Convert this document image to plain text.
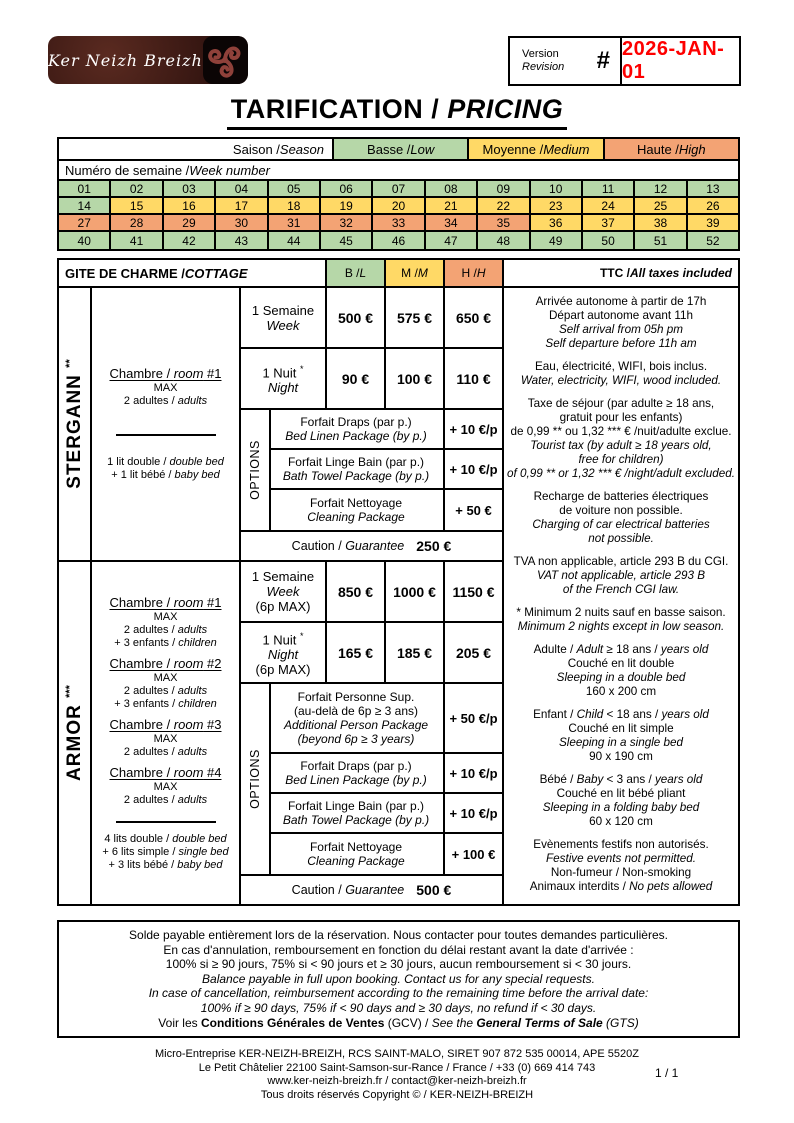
Ker Neizh Breizh	Version
Revision # 2026-JAN-01
TARIFICATION / PRICING
Saison / Season	Basse / Low	Moyenne / Medium	Haute / High
Numéro de semaine / Week number
01	02	03	04	05	06	07	08	09	10	11	12	13
14	15	16	17	18	19	20	21	22	23	24	25	26
27	28	29	30	31	32	33	34	35	36	37	38	39
40	41	42	43	44	45	46	47	48	49	50	51	52
GITE DE CHARME / COTTAGE	B / L	M / M	H / H	TTC / All taxes included
STERGANN **
Chambre / room #1
MAX
2 adultes / adults
1 lit double / double bed
+ 1 lit bébé / baby bed
1 Semaine
Week	500 €	575 €	650 €
1 Nuit *
Night
90 €	100 €	110 €
OPTIONS
Forfait Draps (par p.)
Bed Linen Package (by p.)	+ 10 €/p
Forfait Linge Bain (par p.)
Bath Towel Package (by p.)	+ 10 €/p
Forfait Nettoyage
Cleaning Package	+ 50 €
Caution / Guarantee 250 €
ARMOR ***
Chambre / room #1
MAX
2 adultes / adults
+ 3 enfants / children
Chambre / room #2
MAX
2 adultes / adults
+ 3 enfants / children
Chambre / room #3
MAX
2 adultes / adults
Chambre / room #4
MAX
2 adultes / adults
4 lits double / double bed
+ 6 lits simple / single bed
+ 3 lits bébé / baby bed
1 Semaine
Week
(6p MAX)
850 €	1000 €	1150 €
1 Nuit *
Night
(6p MAX)
165 €	185 €	205 €
OPTIONS
Forfait Personne Sup.
(au-delà de 6p ≥ 3 ans)
Additional Person Package
(beyond 6p ≥ 3 years)
+ 50 €/p
Forfait Draps (par p.)
Bed Linen Package (by p.)	+ 10 €/p
Forfait Linge Bain (par p.)
Bath Towel Package (by p.)	+ 10 €/p
Forfait Nettoyage
Cleaning Package	+ 100 €
Caution / Guarantee 500 €
Arrivée autonome à partir de 17h
Départ autonome avant 11h
Self arrival from 05h pm
Self departure before 11h am
Eau, électricité, WIFI, bois inclus.
Water, electricity, WIFI, wood included.
Taxe de séjour (par adulte ≥ 18 ans,
gratuit pour les enfants)
de 0,99 ** ou 1,32 *** € /nuit/adulte exclue.
Tourist tax (by adult ≥ 18 years old,
free for children)
of 0,99 ** or 1,32 *** € /night/adult excluded.
Recharge de batteries électriques
de voiture non possible.
Charging of car electrical batteries
not possible.
TVA non applicable, article 293 B du CGI.
VAT not applicable, article 293 B
of the French CGI law.
* Minimum 2 nuits sauf en basse saison.
Minimum 2 nights except in low season.
Adulte / Adult ≥ 18 ans / years old
Couché en lit double
Sleeping in a double bed
160 x 200 cm
Enfant / Child < 18 ans / years old
Couché en lit simple
Sleeping in a single bed
90 x 190 cm
Bébé / Baby < 3 ans / years old
Couché en lit bébé pliant
Sleeping in a folding baby bed
60 x 120 cm
Evènements festifs non autorisés.
Festive events not permitted.
Non-fumeur / Non-smoking
Animaux interdits / No pets allowed
Solde payable entièrement lors de la réservation. Nous contacter pour toutes demandes particulières.
En cas d'annulation, remboursement en fonction du délai restant avant la date d'arrivée :
100% si ≥ 90 jours, 75% si < 90 jours et ≥ 30 jours, aucun remboursement si < 30 jours.
Balance payable in full upon booking. Contact us for any special requests.
In case of cancellation, reimbursement according to the remaining time before the arrival date:
100% if ≥ 90 days, 75% if < 90 days and ≥ 30 days, no refund if < 30 days.
Voir les Conditions Générales de Ventes (GCV) / See the General Terms of Sale (GTS)
Micro-Entreprise KER-NEIZH-BREIZH, RCS SAINT-MALO, SIRET 907 872 535 00014, APE 5520Z
Le Petit Châtelier 22100 Saint-Samson-sur-Rance / France / +33 (0) 669 414 743
www.ker-neizh-breizh.fr / contact@ker-neizh-breizh.fr
Tous droits réservés Copyright © / KER-NEIZH-BREIZH
1 / 1
